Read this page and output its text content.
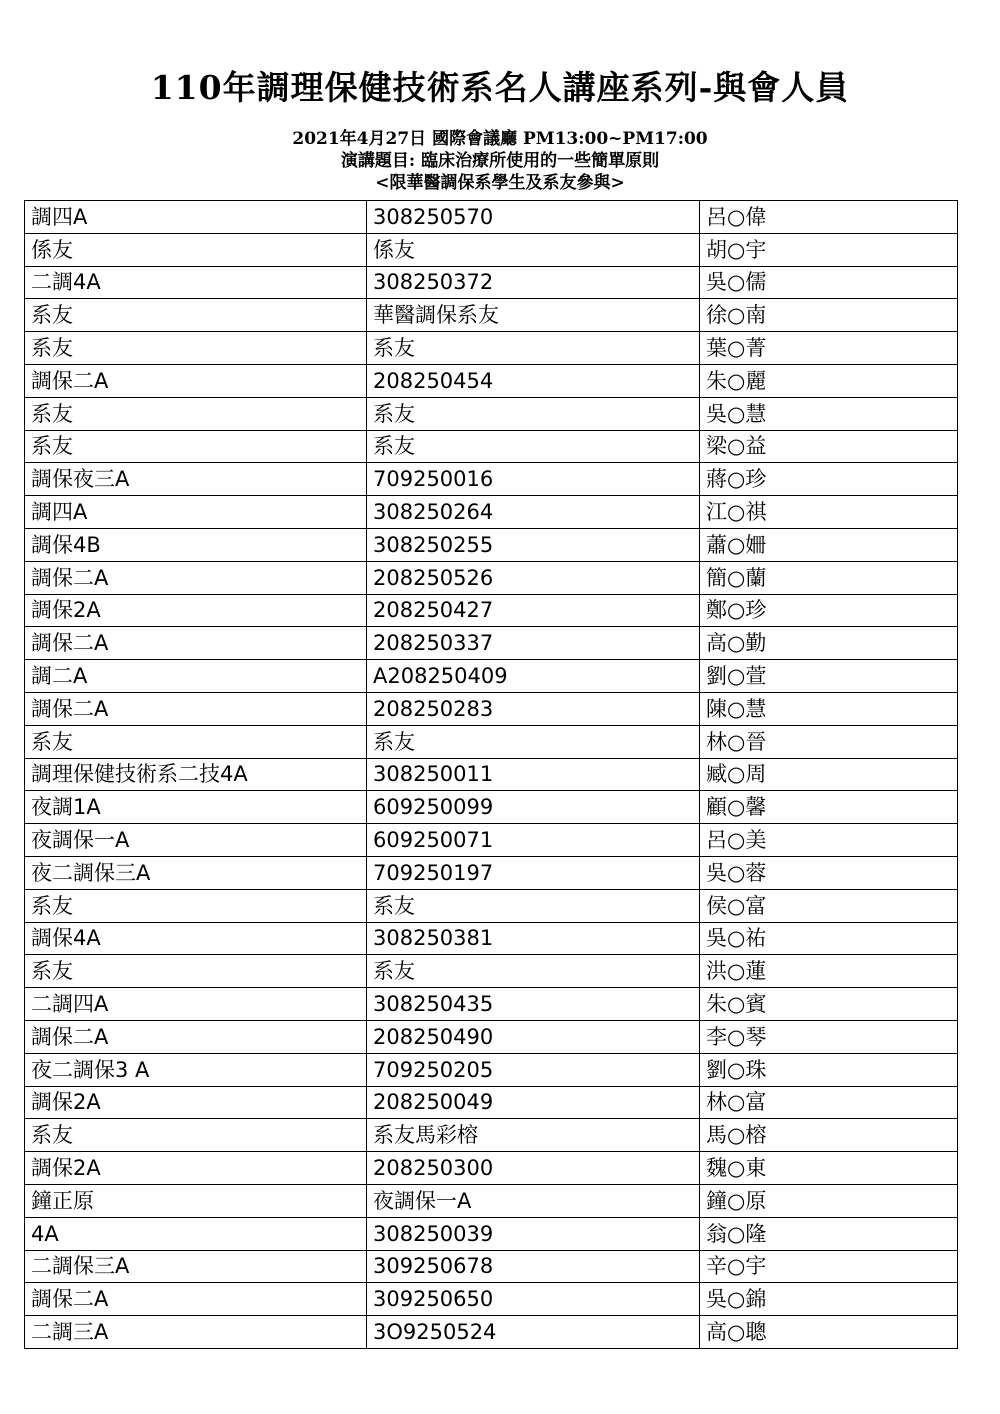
110年調理保健技術系名人講座系列-與會人員
2021年4月27日 國際會議廳 PM13:00~PM17:00
演講題目: 臨床治療所使用的一些簡單原則
<限華醫調保系學生及系友參與>
調四A	308250570	呂○偉
係友	係友	胡○宇
二調4A	308250372	吳○儒
系友	華醫調保系友	徐○南
系友	系友	葉○菁
調保二A	208250454	朱○麗
系友	系友	吳○慧
系友	系友	梁○益
調保夜三A	709250016	蔣○珍
調四A	308250264	江○祺
調保4B	308250255	蕭○姍
調保二A	208250526	簡○蘭
調保2A	208250427	鄭○珍
調保二A	208250337	高○勤
調二A	A208250409	劉○萱
調保二A	208250283	陳○慧
系友	系友	林○晉
調理保健技術系二技4A	308250011	臧○周
夜調1A	609250099	顧○馨
夜調保一A	609250071	呂○美
夜二調保三A	709250197	吳○蓉
系友	系友	侯○富
調保4A	308250381	吳○祐
系友	系友	洪○蓮
二調四A	308250435	朱○賓
調保二A	208250490	李○琴
夜二調保3 A	709250205	劉○珠
調保2A	208250049	林○富
系友	系友馬彩榕	馬○榕
調保2A	208250300	魏○東
鐘正原	夜調保一A	鐘○原
4A	308250039	翁○隆
二調保三A	309250678	辛○宇
調保二A	309250650	吳○錦
二調三A	3O9250524	高○聰
